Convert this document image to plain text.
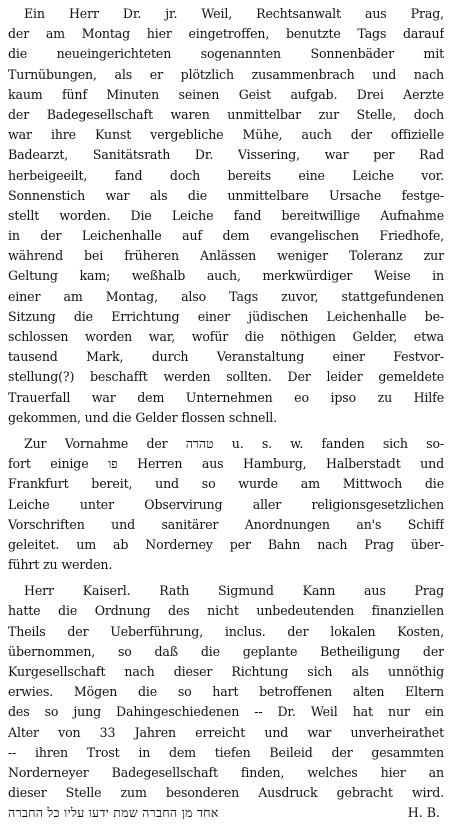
Ein Herr Dr. jr. Weil, Rechtsanwalt aus Prag,
der am Montag hier eingetroffen, benutzte Tags darauf
die neueingerichteten sogenannten Sonnenbäder mit
Turnübungen, als er plötzlich zusammenbrach und nach
kaum fünf Minuten seinen Geist aufgab. Drei Aerzte
der Badegesellschaft waren unmittelbar zur Stelle, doch
war ihre Kunst vergebliche Mühe, auch der offizielle
Badearzt, Sanitätsrath Dr. Vissering, war per Rad
herbeigeeilt, fand doch bereits eine Leiche vor.
Sonnenstich war als die unmittelbare Ursache festge-
stellt worden. Die Leiche fand bereitwillige Aufnahme
in der Leichenhalle auf dem evangelischen Friedhofe,
während bei früheren Anlässen weniger Toleranz zur
Geltung kam; weßhalb auch, merkwürdiger Weise in
einer am Montag, also Tags zuvor, stattgefundenen
Sitzung die Errichtung einer jüdischen Leichenhalle be-
schlossen worden war, wofür die nöthigen Gelder, etwa
tausend Mark, durch Veranstaltung einer Festvor-
stellung(?) beschafft werden sollten. Der leider gemeldete
Trauerfall war dem Unternehmen eo ipso zu Hilfe
gekommen, und die Gelder flossen schnell.
Zur Vornahme der טהרה u. s. w. fanden sich so-
fort einige פו Herren aus Hamburg, Halberstadt und
Frankfurt bereit, und so wurde am Mittwoch die
Leiche unter Observirung aller religionsgesetzlichen
Vorschriften und sanitärer Anordnungen an's Schiff
geleitet. um ab Norderney per Bahn nach Prag über-
führt zu werden.
Herr Kaiserl. Rath Sigmund Kann aus Prag
hatte die Ordnung des nicht unbedeutenden finanziellen
Theils der Ueberführung, inclus. der lokalen Kosten,
übernommen, so daß die geplante Betheiligung der
Kurgesellschaft nach dieser Richtung sich als unnöthig
erwies. Mögen die so hart betroffenen alten Eltern
des so jung Dahingeschiedenen -- Dr. Weil hat nur ein
Alter von 33 Jahren erreicht und war unverheirathet
-- ihren Trost in dem tiefen Beileid der gesammten
Norderneyer Badegesellschaft finden, welches hier an
dieser Stelle zum besonderen Ausdruck gebracht wird.
אחד מן החברה שמת ידעו עליו כל החברה	H. B.
